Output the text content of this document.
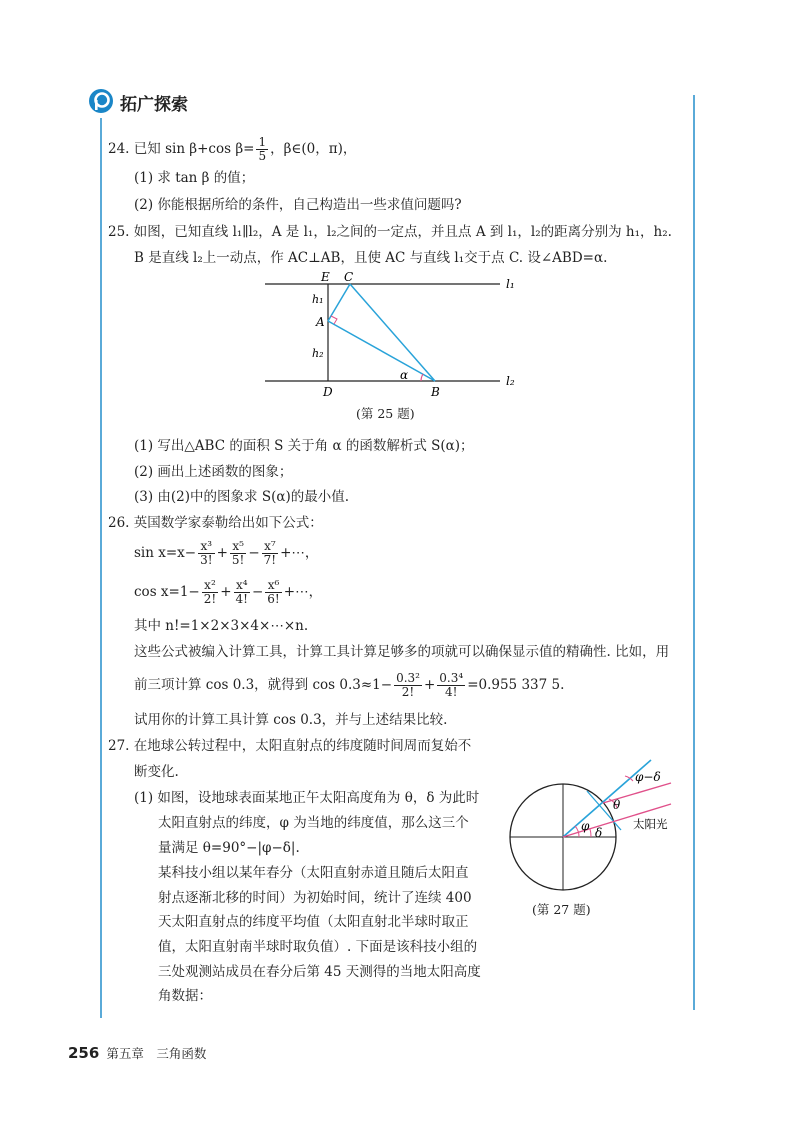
拓广探索
24. 已知 sin β+cos $\beta= \frac{1}{5}$ ，β∈(0，π)，
(1) 求 tan β 的值；
(2) 你能根据所给的条件，自己构造出一些求值问题吗?
25. 如图，已知直线 l₁∥l₂，A 是 l₁，l₂之间的一定点，并且点 A 到 l₁，l₂的距离分别为 h₁，h₂.
B 是直线 l₂上一动点，作 AC⊥AB，且使 AC 与直线 l₁交于点 C. 设∠ABD=α.
E C	l₁
h₁
A
h₂
α
D	B
l₂
(第 25 题)
(1) 写出△ABC 的面积 S 关于角 α 的函数解析式 S(α)；
(2) 画出上述函数的图象；
(3) 由(2)中的图象求 S(α)的最小值.
26. 英国数学家泰勒给出如下公式：
$\sin x=x- \frac{\text{x³}}{3!} + \frac{\text{x⁵}}{5!} - \frac{\text{x⁷}}{7!}$ +⋯，
$\cos x=1- \frac{\text{x²}}{2!} + \frac{\text{x⁴}}{4!} - \frac{\text{x⁶}}{6!}$ +⋯，
其中 n!=1×2×3×4×⋯×n.
这些公式被编入计算工具，计算工具计算足够多的项就可以确保显示值的精确性. 比如，用
前三项计算 cos 0.3，就得到 $\cos 0.3\approx 1- \frac{\text{0.3²}}{2!} + \frac{\text{0.3⁴}}{4!} =0.955$ 337 5.
试用你的计算工具计算 cos 0.3，并与上述结果比较.
27. 在地球公转过程中，太阳直射点的纬度随时间周而复始不
断变化.
(1) 如图，设地球表面某地正午太阳高度角为 θ，δ 为此时
太阳直射点的纬度，φ 为当地的纬度值，那么这三个
量满足 θ=90°−|φ−δ|.
某科技小组以某年春分（太阳直射赤道且随后太阳直
射点逐渐北移的时间）为初始时间，统计了连续 400
天太阳直射点的纬度平均值（太阳直射北半球时取正
值，太阳直射南半球时取负值）. 下面是该科技小组的
三处观测站成员在春分后第 45 天测得的当地太阳高度
角数据：
φ−δ
θ
φ δ
太阳光
(第 27 题)
256 第五章　三角函数
